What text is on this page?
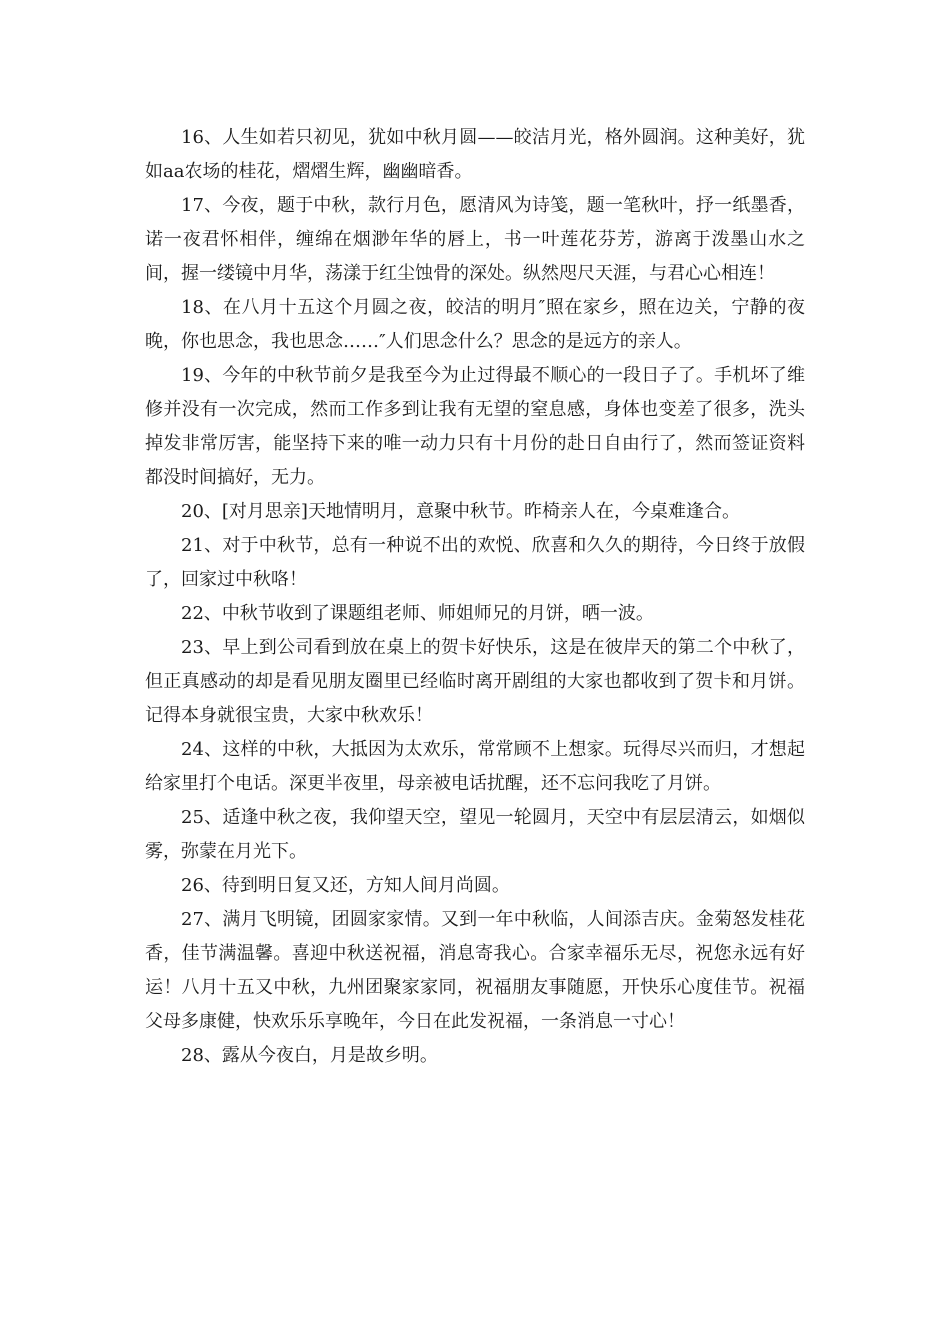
16、人生如若只初见，犹如中秋月圆——皎洁月光，格外圆润。这种美好，犹如aa农场的桂花，熠熠生辉，幽幽暗香。

17、今夜，题于中秋，款行月色，愿清风为诗笺，题一笔秋叶，抒一纸墨香，诺一夜君怀相伴，缠绵在烟渺年华的唇上，书一叶莲花芬芳，游离于泼墨山水之间，握一缕镜中月华，荡漾于红尘蚀骨的深处。纵然咫尺天涯，与君心心相连！

18、在八月十五这个月圆之夜，皎洁的明月″照在家乡，照在边关，宁静的夜晚，你也思念，我也思念……″人们思念什么？思念的是远方的亲人。

19、今年的中秋节前夕是我至今为止过得最不顺心的一段日子了。手机坏了维修并没有一次完成，然而工作多到让我有无望的窒息感，身体也变差了很多，洗头掉发非常厉害，能坚持下来的唯一动力只有十月份的赴日自由行了，然而签证资料都没时间搞好，无力。

20、[对月思亲]天地情明月，意聚中秋节。昨椅亲人在，今桌难逢合。

21、对于中秋节，总有一种说不出的欢悦、欣喜和久久的期待，今日终于放假了，回家过中秋咯！

22、中秋节收到了课题组老师、师姐师兄的月饼，晒一波。

23、早上到公司看到放在桌上的贺卡好快乐，这是在彼岸天的第二个中秋了，但正真感动的却是看见朋友圈里已经临时离开剧组的大家也都收到了贺卡和月饼。记得本身就很宝贵，大家中秋欢乐！

24、这样的中秋，大抵因为太欢乐，常常顾不上想家。玩得尽兴而归，才想起给家里打个电话。深更半夜里，母亲被电话扰醒，还不忘问我吃了月饼。

25、适逢中秋之夜，我仰望天空，望见一轮圆月，天空中有层层清云，如烟似雾，弥蒙在月光下。

26、待到明日复又还，方知人间月尚圆。

27、满月飞明镜，团圆家家情。又到一年中秋临，人间添吉庆。金菊怒发桂花香，佳节满温馨。喜迎中秋送祝福，消息寄我心。合家幸福乐无尽，祝您永远有好运！八月十五又中秋，九州团聚家家同，祝福朋友事随愿，开快乐心度佳节。祝福父母多康健，快欢乐乐享晚年，今日在此发祝福，一条消息一寸心！

28、露从今夜白，月是故乡明。
